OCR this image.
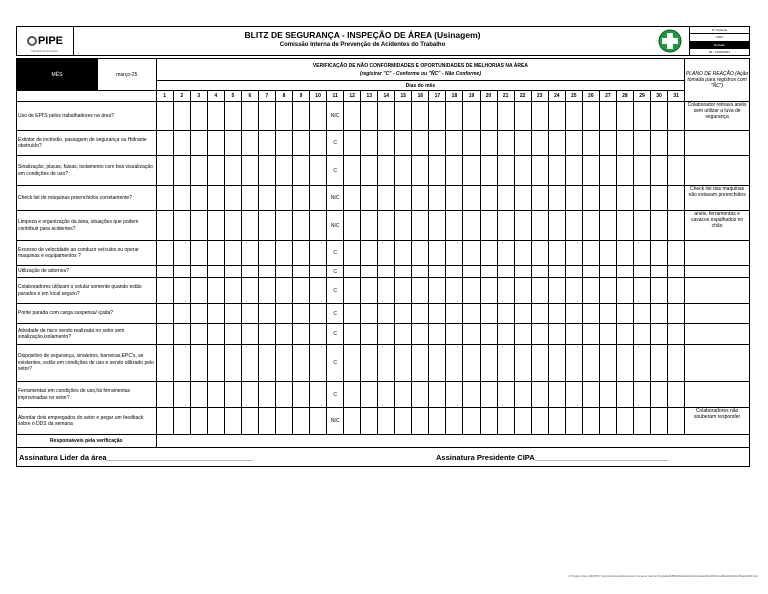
PIPE
Indústria & Serviços
BLITZ DE SEGURANÇA - INSPEÇÃO DE ÁREA (Usinagem)
Comissão Interna de Prevenção de Acidentes do Trabalho
Nº Controle
F001
Revisão
00 - 10/05/2021
MÊS	março-25	VERIFICAÇÃO DE NÃO CONFORMIDADES E OPORTUNIDADES DE MELHORIAS NA ÁREA
(registrar "C" - Conforme ou "ÑC" - Não Conforme)																															PLANO DE REAÇÃO (Ação tomada para registros com "ÑC")

		Dias do mês																															
		1	2	3	4	5	6	7	8	9	10	11	12	13	14	15	16	17	18	19	20	21	22	23	24	25	26	27	28	29	30	31	
Uso de EPI'S pelos trabalhadores na área?												NIC																					Colaborador retirava anéis sem utilizar a luva de segurança
Extintor de incêndio, passagem de segurança ou Hidrante obstruído?												C																					
Sinalização, placas, faixas, isolamento com boa visualização em condições de uso?												C																					
Check list de máquinas preenchidos corretamente?												NIC																					Check list das maquinas não estavam preenchidos
Limpeza e organização da área, situações que podem contribuir para acidentes?												NIC																					anéis, ferramentas e cavacos espalhados no chão
Excesso de velocidade ao conduzir veículos ou operar maquinas e equipamentos ?												C																					
Utilização de adornos?												C																					
Colaboradores utilizam o celular somente quando estão parados e em local seguro?												C																					
Ponte parada com carga suspensa/ içada?												C																					
Atividade de risco sendo realizada no setor sem sinalização,isolamento?												C																					
Dispositivo de segurança, sinaleiros, barreiras,EPC's, se existentes, estão em condições de uso e sendo utilizado pelo setor?												C																					
Ferramentas em condições de uso,há ferramentas improvisadas no setor?												C																					
Abordar dois empregados do setor e pegar um feedback sobre o DDS da semana												NIC																					Colaboradores não souberam responder
Responsáveis pela verificação																																	
Assinatura Lider da área___________________________________	Assinatura Presidente CIPA________________________________
C:\Program Files (x86)\PDF Tools AG\3-Heights\Document Converter Service\Temp\a9e0b8f6b0f94e4ba5e0d7e1b3a2e9f0a7d5c3b1e8f6a4d2c0b9e7f5a3d1c8b6.xlsx
